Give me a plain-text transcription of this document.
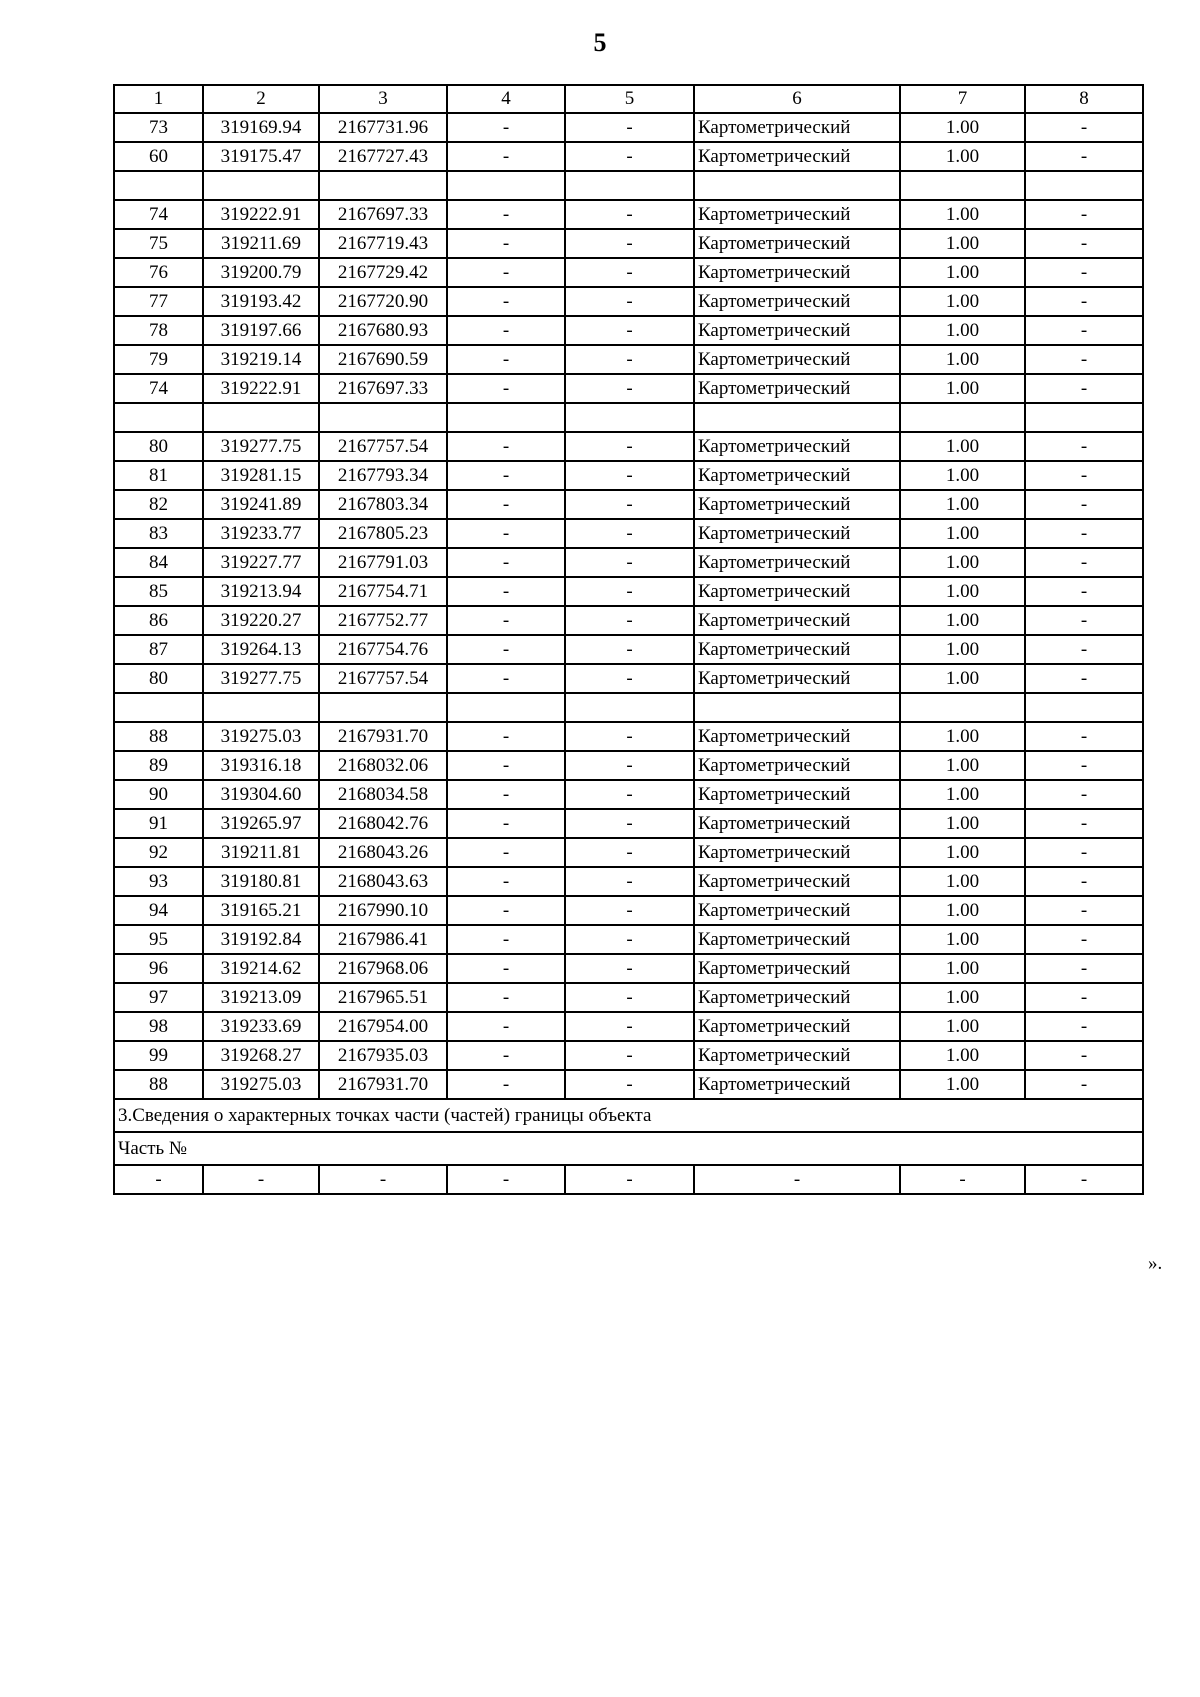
5
1	2	3	4	5	6	7	8
73	319169.94	2167731.96	-	-	Картометрический	1.00	-
60	319175.47	2167727.43	-	-	Картометрический	1.00	-

74	319222.91	2167697.33	-	-	Картометрический	1.00	-
75	319211.69	2167719.43	-	-	Картометрический	1.00	-
76	319200.79	2167729.42	-	-	Картометрический	1.00	-
77	319193.42	2167720.90	-	-	Картометрический	1.00	-
78	319197.66	2167680.93	-	-	Картометрический	1.00	-
79	319219.14	2167690.59	-	-	Картометрический	1.00	-
74	319222.91	2167697.33	-	-	Картометрический	1.00	-

80	319277.75	2167757.54	-	-	Картометрический	1.00	-
81	319281.15	2167793.34	-	-	Картометрический	1.00	-
82	319241.89	2167803.34	-	-	Картометрический	1.00	-
83	319233.77	2167805.23	-	-	Картометрический	1.00	-
84	319227.77	2167791.03	-	-	Картометрический	1.00	-
85	319213.94	2167754.71	-	-	Картометрический	1.00	-
86	319220.27	2167752.77	-	-	Картометрический	1.00	-
87	319264.13	2167754.76	-	-	Картометрический	1.00	-
80	319277.75	2167757.54	-	-	Картометрический	1.00	-

88	319275.03	2167931.70	-	-	Картометрический	1.00	-
89	319316.18	2168032.06	-	-	Картометрический	1.00	-
90	319304.60	2168034.58	-	-	Картометрический	1.00	-
91	319265.97	2168042.76	-	-	Картометрический	1.00	-
92	319211.81	2168043.26	-	-	Картометрический	1.00	-
93	319180.81	2168043.63	-	-	Картометрический	1.00	-
94	319165.21	2167990.10	-	-	Картометрический	1.00	-
95	319192.84	2167986.41	-	-	Картометрический	1.00	-
96	319214.62	2167968.06	-	-	Картометрический	1.00	-
97	319213.09	2167965.51	-	-	Картометрический	1.00	-
98	319233.69	2167954.00	-	-	Картометрический	1.00	-
99	319268.27	2167935.03	-	-	Картометрический	1.00	-
88	319275.03	2167931.70	-	-	Картометрический	1.00	-
3.Сведения о характерных точках части (частей) границы объекта							
Часть №							
-	-	-	-	-	-	-	-
».
